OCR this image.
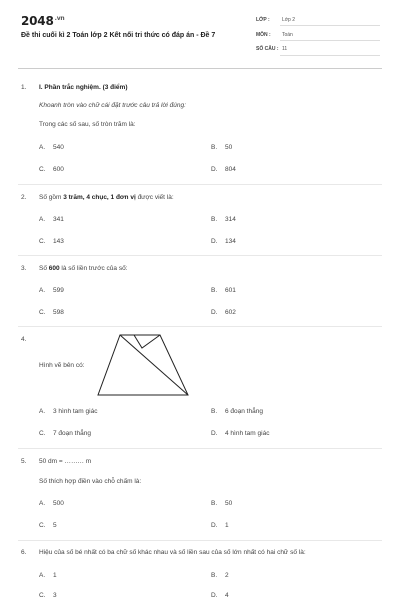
$2048^{.vn}$
Đề thi cuối kì 2 Toán lớp 2 Kết nối tri thức có đáp án - Đề 7
LỚP : Lớp 2
MÔN : Toán
SỐ CÂU : 11
1. I. Phần trắc nghiệm. (3 điểm)
Khoanh tròn vào chữ cái đặt trước câu trả lời đúng:
Trong các số sau, số tròn trăm là:
A. 540	B. 50
C. 600	D. 804
2. Số gồm 3 trăm, 4 chục, 1 đơn vị được viết là:
A. 341	B. 314
C. 143	D. 134
3. Số 600 là số liền trước của số:
A. 599	B. 601
C. 598	D. 602
4.
Hình vẽ bên có:
A. 3 hình tam giác	B. 6 đoạn thẳng
C. 7 đoạn thẳng	D. 4 hình tam giác
5. 50 dm = ……… m
Số thích hợp điền vào chỗ chấm là:
A. 500	B. 50
C. 5	D. 1
6. Hiệu của số bé nhất có ba chữ số khác nhau và số liền sau của số lớn nhất có hai chữ số là:
A. 1	B. 2
C. 3	D. 4
